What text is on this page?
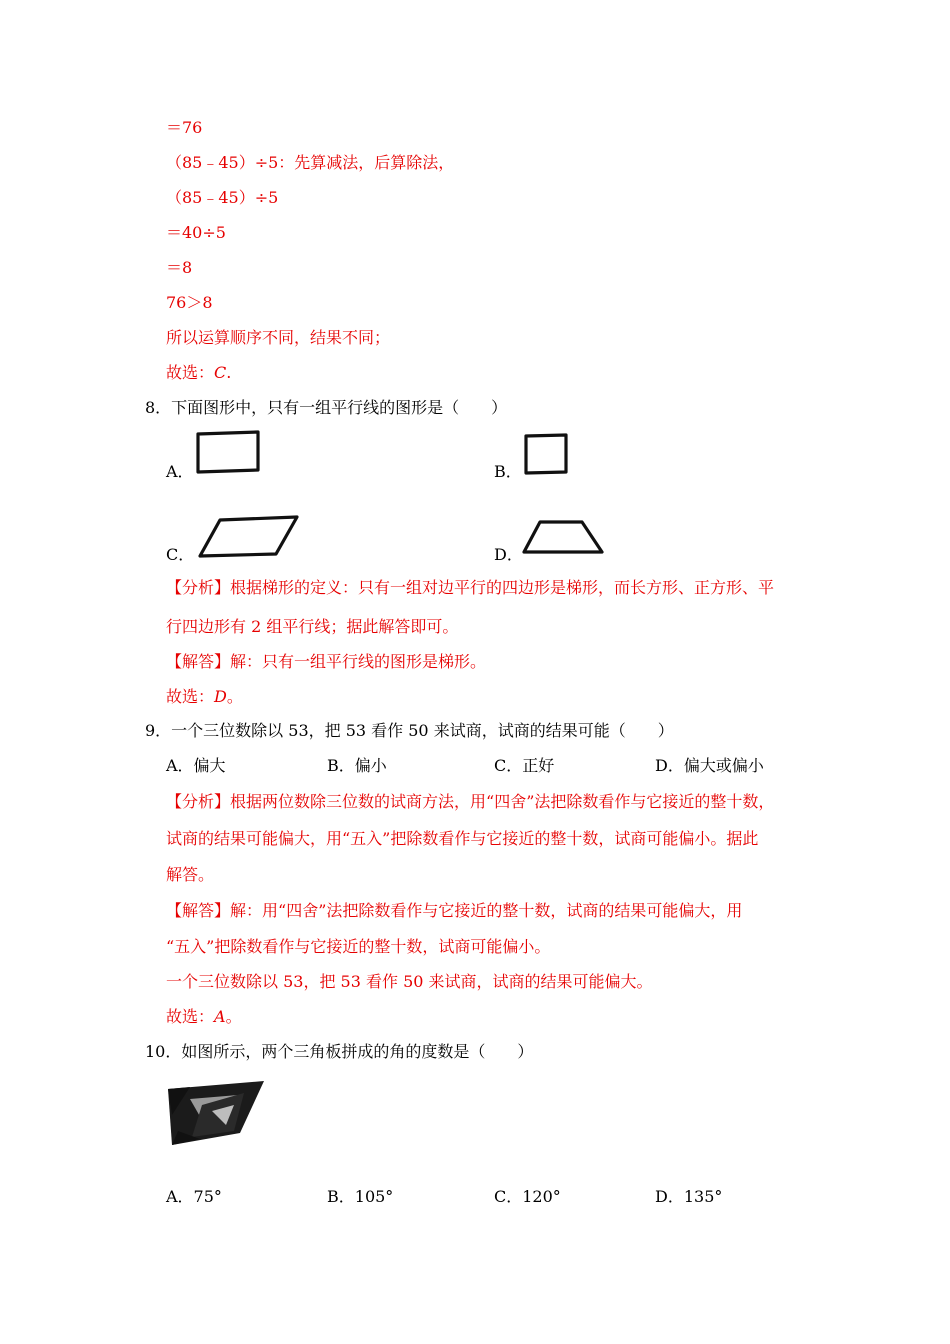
＝76
（85﹣45）÷5：先算减法，后算除法，
（85﹣45）÷5
＝40÷5
＝8
76＞8
所以运算顺序不同，结果不同；
故选：C.
8．下面图形中，只有一组平行线的图形是（　　）
A．	B．
C．	D．
【分析】根据梯形的定义：只有一组对边平行的四边形是梯形，而长方形、正方形、平
行四边形有 2 组平行线；据此解答即可。
【解答】解：只有一组平行线的图形是梯形。
故选：D。
9．一个三位数除以 53，把 53 看作 50 来试商，试商的结果可能（　　）
A．偏大	B．偏小	C．正好	D．偏大或偏小
【分析】根据两位数除三位数的试商方法，用“四舍”法把除数看作与它接近的整十数，
试商的结果可能偏大，用“五入”把除数看作与它接近的整十数，试商可能偏小。据此
解答。
【解答】解：用“四舍”法把除数看作与它接近的整十数，试商的结果可能偏大，用
“五入”把除数看作与它接近的整十数，试商可能偏小。
一个三位数除以 53，把 53 看作 50 来试商，试商的结果可能偏大。
故选：A。
10．如图所示，两个三角板拼成的角的度数是（　　）
A．75°	B．105°	C．120°	D．135°
